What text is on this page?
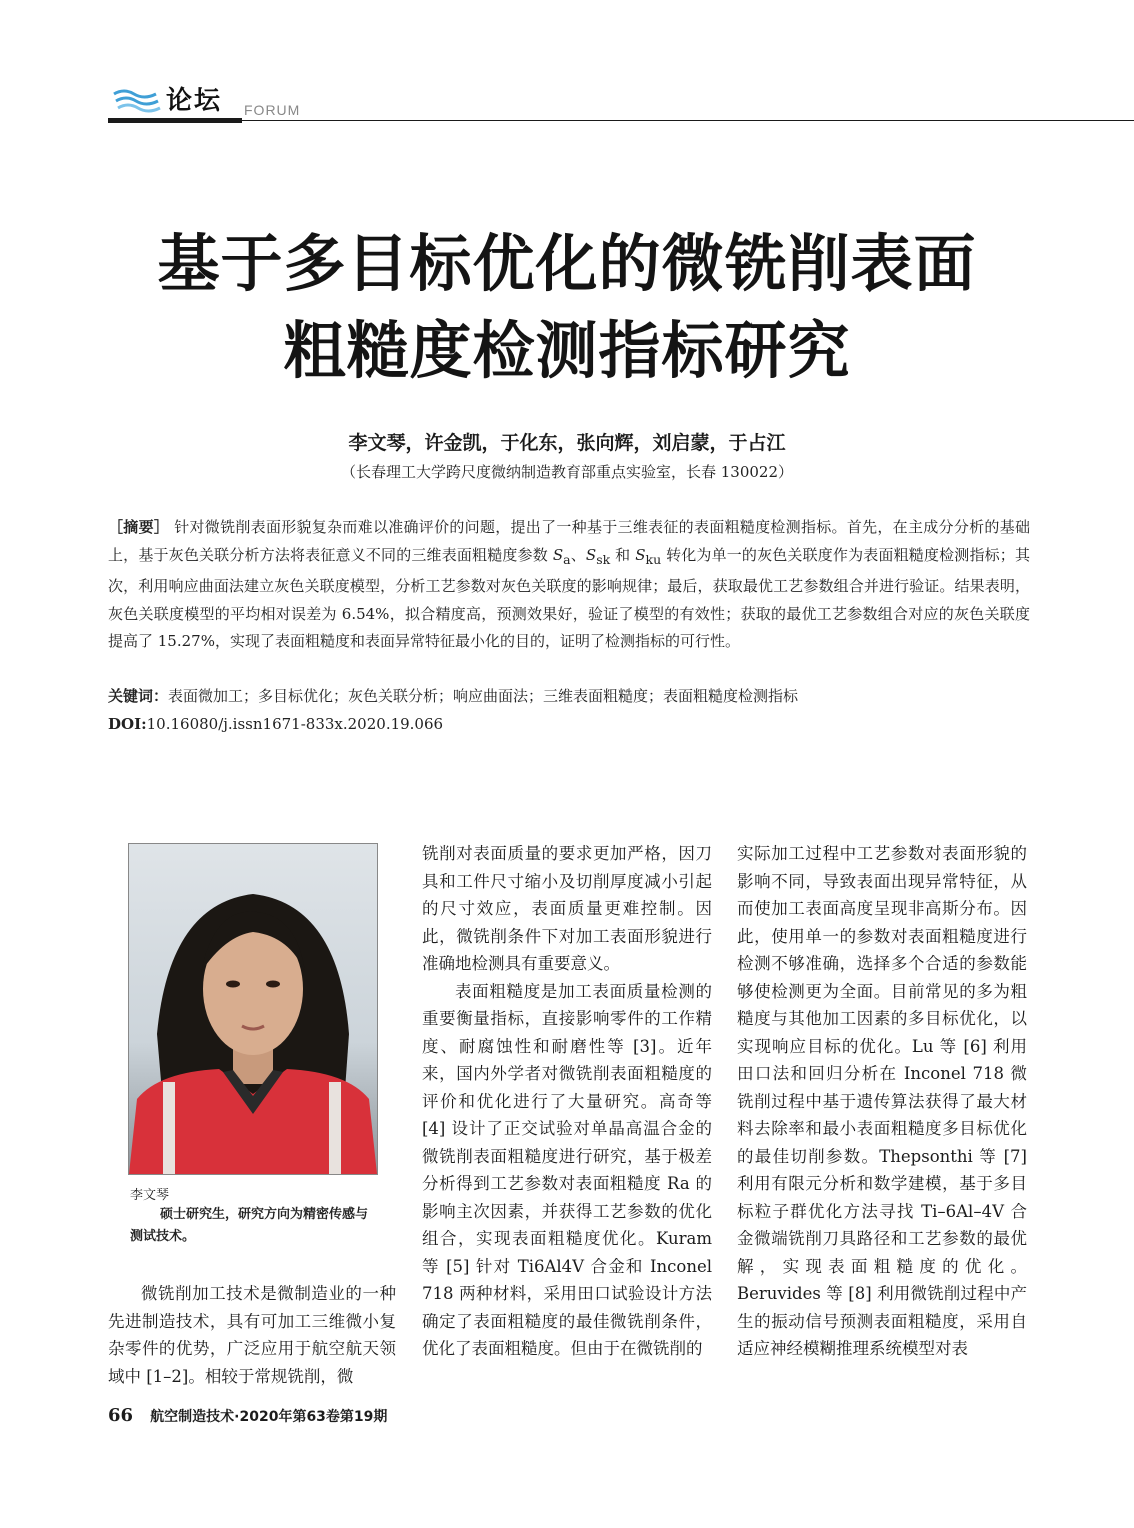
论坛 FORUM
基于多目标优化的微铣削表面
粗糙度检测指标研究
李文琴，许金凯，于化东，张向辉，刘启蒙，于占江
（长春理工大学跨尺度微纳制造教育部重点实验室，长春 130022）
［摘要］ 针对微铣削表面形貌复杂而难以准确评价的问题，提出了一种基于三维表征的表面粗糙度检测指标。首先，在主成分分析的基础上，基于灰色关联分析方法将表征意义不同的三维表面粗糙度参数 $S_a$、$S_{sk}$ 和 $S_{ku}$ 转化为单一的灰色关联度作为表面粗糙度检测指标；其次，利用响应曲面法建立灰色关联度模型，分析工艺参数对灰色关联度的影响规律；最后，获取最优工艺参数组合并进行验证。结果表明，灰色关联度模型的平均相对误差为 6.54%，拟合精度高，预测效果好，验证了模型的有效性；获取的最优工艺参数组合对应的灰色关联度提高了 15.27%，实现了表面粗糙度和表面异常特征最小化的目的，证明了检测指标的可行性。
关键词：表面微加工；多目标优化；灰色关联分析；响应曲面法；三维表面粗糙度；表面粗糙度检测指标
DOI:10.16080/j.issn1671-833x.2020.19.066
李文琴
硕士研究生，研究方向为精密传感与测试技术。

微铣削加工技术是微制造业的一种先进制造技术，具有可加工三维微小复杂零件的优势，广泛应用于航空航天领域中 [1–2]。相较于常规铣削，微

铣削对表面质量的要求更加严格，因刀具和工件尺寸缩小及切削厚度减小引起的尺寸效应，表面质量更难控制。因此，微铣削条件下对加工表面形貌进行准确地检测具有重要意义。

表面粗糙度是加工表面质量检测的重要衡量指标，直接影响零件的工作精度、耐腐蚀性和耐磨性等 [3]。近年来，国内外学者对微铣削表面粗糙度的评价和优化进行了大量研究。高奇等 [4] 设计了正交试验对单晶高温合金的微铣削表面粗糙度进行研究，基于极差分析得到工艺参数对表面粗糙度 Ra 的影响主次因素，并获得工艺参数的优化组合，实现表面粗糙度优化。Kuram 等 [5] 针对 Ti6Al4V 合金和 Inconel 718 两种材料，采用田口试验设计方法确定了表面粗糙度的最佳微铣削条件，优化了表面粗糙度。但由于在微铣削的

实际加工过程中工艺参数对表面形貌的影响不同，导致表面出现异常特征，从而使加工表面高度呈现非高斯分布。因此，使用单一的参数对表面粗糙度进行检测不够准确，选择多个合适的参数能够使检测更为全面。目前常见的多为粗糙度与其他加工因素的多目标优化，以实现响应目标的优化。Lu 等 [6] 利用田口法和回归分析在 Inconel 718 微铣削过程中基于遗传算法获得了最大材料去除率和最小表面粗糙度多目标优化的最佳切削参数。Thepsonthi 等 [7] 利用有限元分析和数学建模，基于多目标粒子群优化方法寻找 Ti–6Al–4V 合金微端铣削刀具路径和工艺参数的最优解，实现表面粗糙度的优化。Beruvides 等 [8] 利用微铣削过程中产生的振动信号预测表面粗糙度，采用自适应神经模糊推理系统模型对表

66 航空制造技术·2020年第63卷第19期
